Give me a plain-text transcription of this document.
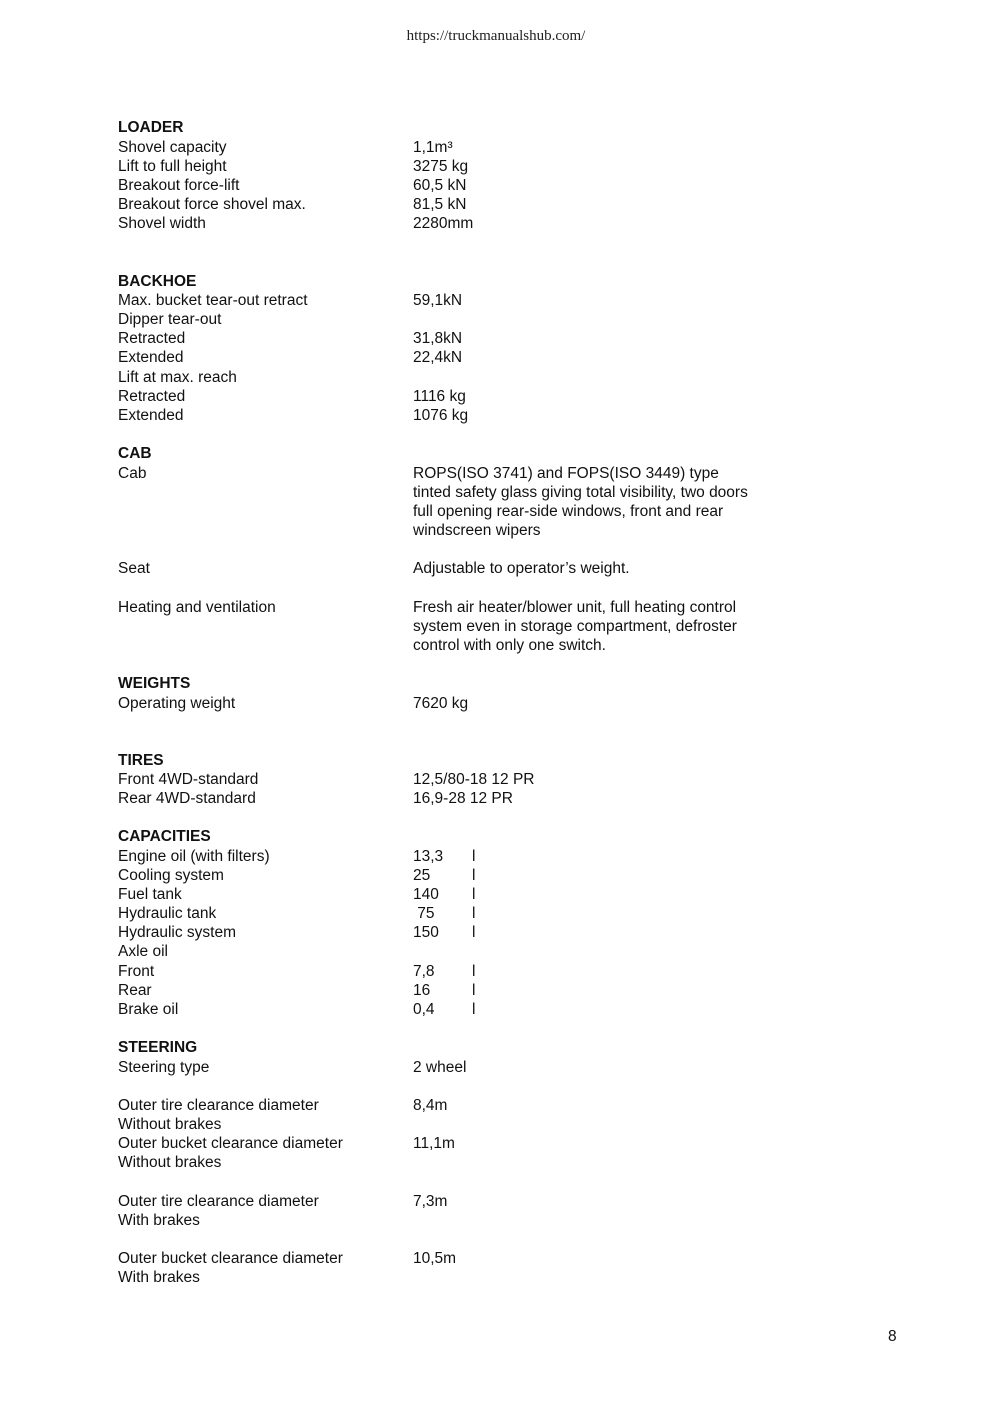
https://truckmanualshub.com/
LOADER
Shovel capacity	1,1m³
Lift to full height	3275 kg
Breakout force-lift	60,5 kN
Breakout force shovel max.	81,5 kN
Shovel width	2280mm
BACKHOE
Max. bucket tear-out retract	59,1kN
Dipper tear-out
Retracted	31,8kN
Extended	22,4kN
Lift at max. reach
Retracted	1116 kg
Extended	1076 kg
CAB
Cab	ROPS(ISO 3741) and FOPS(ISO 3449) type
tinted safety glass giving total visibility, two doors
full opening rear-side windows, front and rear
windscreen wipers
Seat	Adjustable to operator’s weight.
Heating and ventilation	Fresh air heater/blower unit, full heating control
system even in storage compartment, defroster
control with only one switch.
WEIGHTS
Operating weight	7620 kg
TIRES
Front 4WD-standard	12,5/80-18 12 PR
Rear 4WD-standard	16,9-28 12 PR
CAPACITIES
Engine oil (with filters)	13,3 l
Cooling system	25	l
Fuel tank	140 l
Hydraulic tank	75 l
Hydraulic system	150 l
Axle oil
Front	7,8 l
Rear	16	l
Brake oil	0,4 l
STEERING
Steering type	2 wheel
Outer tire clearance diameter	8,4m
Without brakes
Outer bucket clearance diameter	11,1m
Without brakes
Outer tire clearance diameter	7,3m
With brakes
Outer bucket clearance diameter	10,5m
With brakes
8
